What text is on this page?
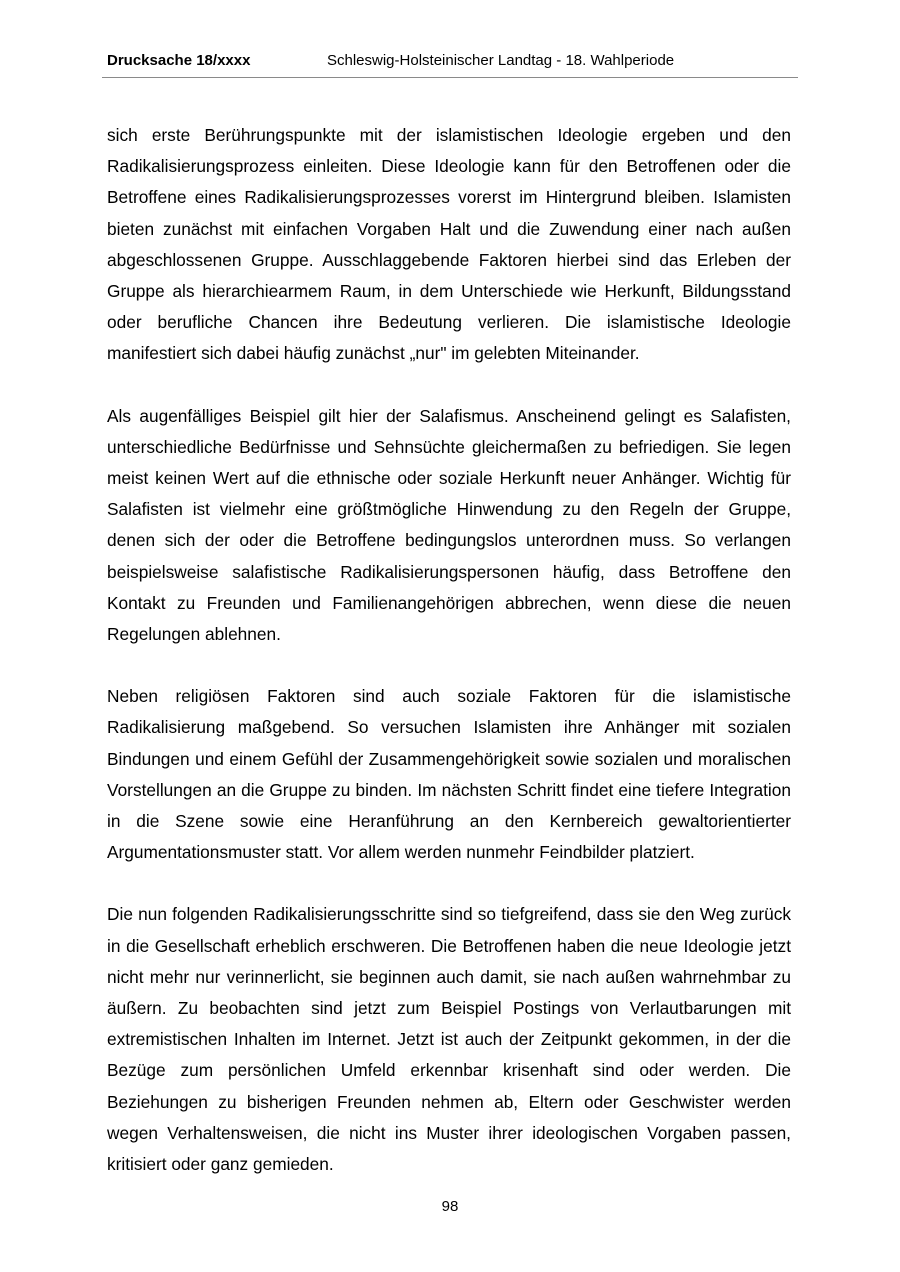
Drucksache 18/xxxx	Schleswig-Holsteinischer Landtag - 18. Wahlperiode

sich erste Berührungspunkte mit der islamistischen Ideologie ergeben und den Radikalisierungsprozess einleiten. Diese Ideologie kann für den Betroffenen oder die Betroffene eines Radikalisierungsprozesses vorerst im Hintergrund bleiben. Islamisten bieten zunächst mit einfachen Vorgaben Halt und die Zuwendung einer nach außen abgeschlossenen Gruppe. Ausschlaggebende Faktoren hierbei sind das Erleben der Gruppe als hierarchiearmem Raum, in dem Unterschiede wie Herkunft, Bildungsstand oder berufliche Chancen ihre Bedeutung verlieren. Die islamistische Ideologie manifestiert sich dabei häufig zunächst „nur" im gelebten Miteinander.

Als augenfälliges Beispiel gilt hier der Salafismus. Anscheinend gelingt es Salafisten, unterschiedliche Bedürfnisse und Sehnsüchte gleichermaßen zu befriedigen. Sie legen meist keinen Wert auf die ethnische oder soziale Herkunft neuer Anhänger. Wichtig für Salafisten ist vielmehr eine größtmögliche Hinwendung zu den Regeln der Gruppe, denen sich der oder die Betroffene bedingungslos unterordnen muss. So verlangen beispielsweise salafistische Radikalisierungspersonen häufig, dass Betroffene den Kontakt zu Freunden und Familienangehörigen abbrechen, wenn diese die neuen Regelungen ablehnen.

Neben religiösen Faktoren sind auch soziale Faktoren für die islamistische Radikalisierung maßgebend. So versuchen Islamisten ihre Anhänger mit sozialen Bindungen und einem Gefühl der Zusammengehörigkeit sowie sozialen und moralischen Vorstellungen an die Gruppe zu binden. Im nächsten Schritt findet eine tiefere Integration in die Szene sowie eine Heranführung an den Kernbereich gewaltorientierter Argumentationsmuster statt. Vor allem werden nunmehr Feindbilder platziert.

Die nun folgenden Radikalisierungsschritte sind so tiefgreifend, dass sie den Weg zurück in die Gesellschaft erheblich erschweren. Die Betroffenen haben die neue Ideologie jetzt nicht mehr nur verinnerlicht, sie beginnen auch damit, sie nach außen wahrnehmbar zu äußern. Zu beobachten sind jetzt zum Beispiel Postings von Verlautbarungen mit extremistischen Inhalten im Internet. Jetzt ist auch der Zeitpunkt gekommen, in der die Bezüge zum persönlichen Umfeld erkennbar krisenhaft sind oder werden. Die Beziehungen zu bisherigen Freunden nehmen ab, Eltern oder Geschwister werden wegen Verhaltensweisen, die nicht ins Muster ihrer ideologischen Vorgaben passen, kritisiert oder ganz gemieden.

98
